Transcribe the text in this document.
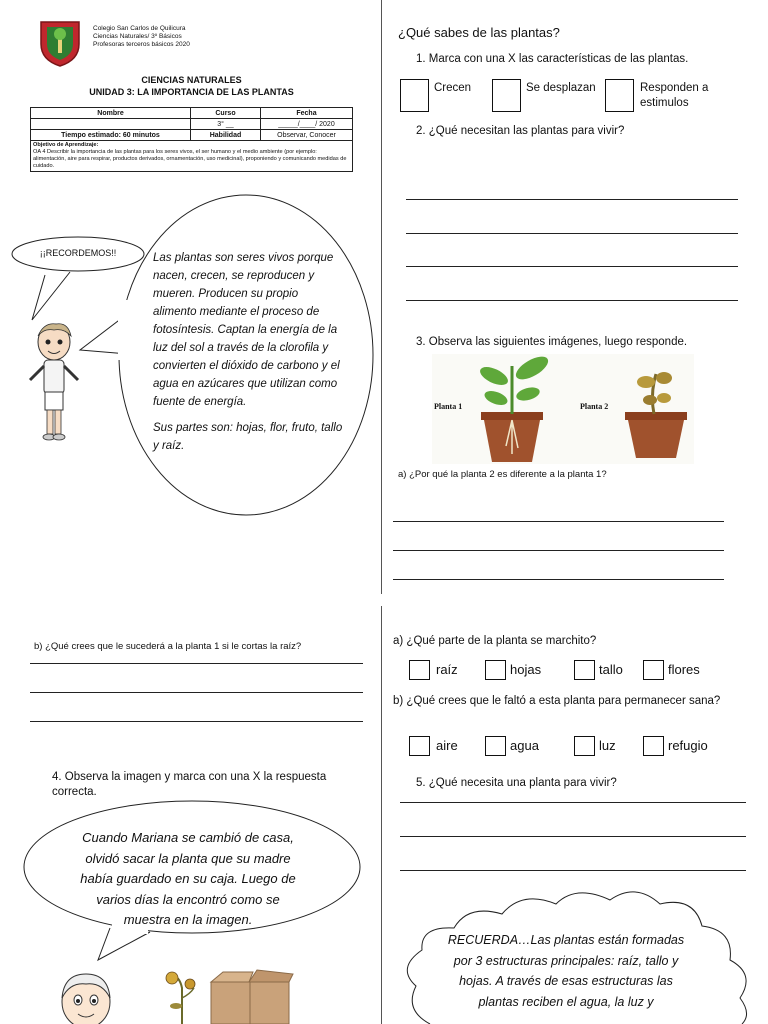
Colegio San Carlos de Quilicura
Ciencias Naturales/ 3º Básicos
Profesoras terceros básicos 2020
CIENCIAS NATURALES
UNIDAD 3: LA IMPORTANCIA DE LAS PLANTAS
Nombre	Curso	Fecha
	3° __	_____/____/ 2020
Tiempo estimado: 60 minutos	Habilidad	Observar, Conocer
Objetivo de Aprendizaje:
OA 4 Describir la importancia de las plantas para los seres vivos, el ser humano y el medio ambiente (por ejemplo: alimentación, aire para respirar, productos derivados, ornamentación, uso medicinal), proponiendo y comunicando medidas de cuidado.
¡¡RECORDEMOS!!	Las plantas son seres vivos porque nacen, crecen, se reproducen y mueren. Producen su propio alimento mediante el proceso de fotosíntesis. Captan la energía de la luz del sol a través de la clorofila y convierten el dióxido de carbono y el agua en azúcares que utilizan como fuente de energía.
Sus partes son: hojas, flor, fruto, tallo y raíz.
¿Qué sabes de las plantas?
1. Marca con una X las características de las plantas.
Crecen	Se desplazan	Responden a estimulos
2. ¿Qué necesitan las plantas para vivir?
3. Observa las siguientes imágenes, luego responde.
Planta 1	Planta 2
a) ¿Por qué la planta 2 es diferente a la planta 1?
b) ¿Qué crees que le sucederá a la planta 1 si le cortas la raíz?
4. Observa la imagen y marca con una X la respuesta correcta.
Cuando Mariana se cambió de casa, olvidó sacar la planta que su madre había guardado en su caja. Luego de varios días la encontró como se muestra en la imagen.
a) ¿Qué parte de la planta se marchito?
raíz	hojas	tallo	flores
b) ¿Qué crees que le faltó a esta planta para permanecer sana?
aire	agua	luz	refugio
5. ¿Qué necesita una planta para vivir?
RECUERDA…Las plantas están formadas por 3 estructuras principales: raíz, tallo y hojas. A través de esas estructuras las plantas reciben el agua, la luz y
